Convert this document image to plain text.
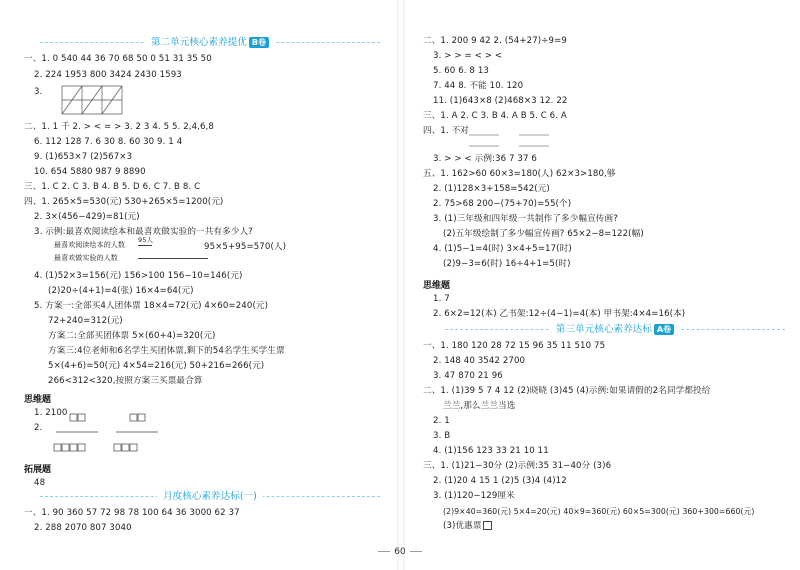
第二单元核心素养提优 B卷
一、1. 0 540 44 36 70 68 50 0 51 31 35 50
2. 224 1953 800 3424 2430 1593
3.
二、1. 1 千 2. > < = > 3. 2 3 4. 5 5. 2,4,6,8
6. 112 128 7. 6 30 8. 60 30 9. 1 4
9. (1)653×7 (2)567×3
10. 654 5880 987 9 8890
三、1. C 2. C 3. B 4. B 5. D 6. C 7. B 8. C
四、1. 265×5=530(元) 530+265×5=1200(元)
2. 3×(456−429)=81(元)
3. 示例:最喜欢阅读绘本和最喜欢做实验的一共有多少人?
最喜欢阅读绘本的人数
95人
最喜欢做实验的人数
95×5+95=570(人)
4. (1)52×3=156(元) 156>100 156−10=146(元)
(2)20÷(4+1)=4(张) 16×4=64(元)
5. 方案一:全部买4人团体票 18×4=72(元) 4×60=240(元)
72+240=312(元)
方案二:全部买团体票 5×(60+4)=320(元)
方案三:4位老师和6名学生买团体票,剩下的54名学生买学生票
5×(4+6)=50(元) 4×54=216(元) 50+216=266(元)
266<312<320,按照方案三买票最合算
思维题
1. 2100
2.
拓展题
48
月度核心素养达标(一)
一、1. 90 360 57 72 98 78 100 64 36 3000 62 37
2. 288 2070 807 3040
二、1. 200 9 42 2. (54+27)÷9=9
3. > > = < > <
5. 60 6. 8 13
7. 44 8. 不能 10. 120
11. (1)643×8 (2)468×3 12. 22
三、1. A 2. C 3. B 4. A B 5. C 6. A
四、1. 不对
3. > > < 示例:36 7 37 6
五、1. 162>60 60×3=180(人) 62×3>180,够
2. (1)128×3+158=542(元)
2. 75>68 200−(75+70)=55(个)
3. (1)三年级和四年级一共制作了多少幅宣传画?
(2)五年级绘制了多少幅宣传画? 65×2−8=122(幅)
4. (1)5−1=4(时) 3×4+5=17(时)
(2)9−3=6(时) 16÷4+1=5(时)
思维题
1. 7
2. 6×2=12(本) 乙书架:12÷(4−1)=4(本) 甲书架:4×4=16(本)
第三单元核心素养达标 A卷
一、1. 180 120 28 72 15 96 35 11 510 75
2. 148 40 3542 2700
3. 47 870 21 96
二、1. (1)39 5 7 4 12 (2)晓晓 (3)45 (4)示例:如果请假的2名同学都投给
兰兰,那么兰兰当选
2. 1
3. B
4. (1)156 123 33 21 10 11
三、1. (1)21−30分 (2)示例:35 31−40分 (3)6
2. (1)20 4 15 1 (2)5 (3)4 (4)12
3. (1)120−129厘米
(2)9×40=360(元) 5×4=20(元) 40×9=360(元) 60×5=300(元) 360+300=660(元)
(3)优惠票
60
